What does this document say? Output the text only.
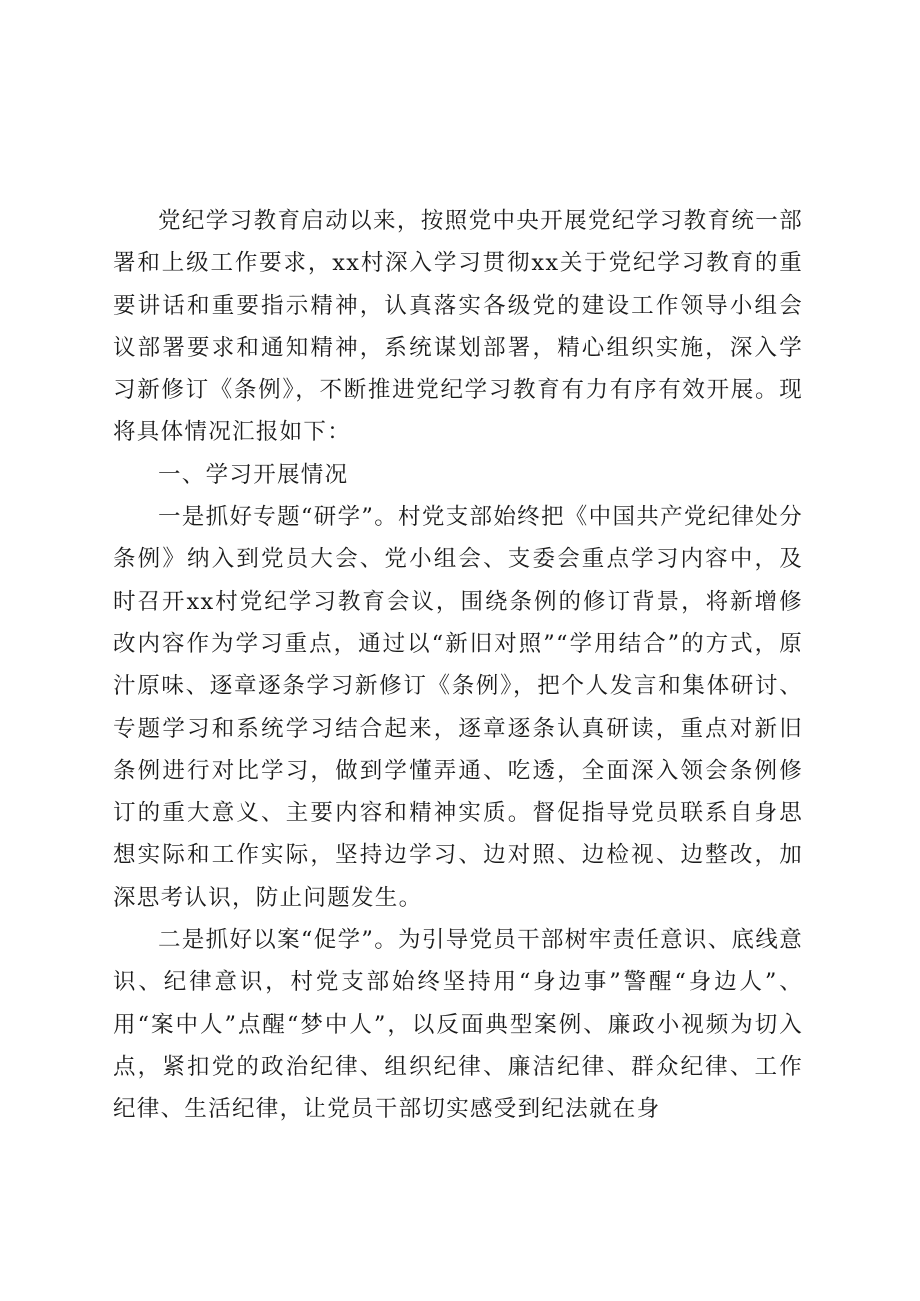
党纪学习教育启动以来，按照党中央开展党纪学习教育统一部署和上级工作要求，xx村深入学习贯彻xx关于党纪学习教育的重要讲话和重要指示精神，认真落实各级党的建设工作领导小组会议部署要求和通知精神，系统谋划部署，精心组织实施，深入学习新修订《条例》，不断推进党纪学习教育有力有序有效开展。现将具体情况汇报如下：

一、学习开展情况

一是抓好专题“研学”。村党支部始终把《中国共产党纪律处分条例》纳入到党员大会、党小组会、支委会重点学习内容中，及时召开xx村党纪学习教育会议，围绕条例的修订背景，将新增修改内容作为学习重点，通过以“新旧对照”“学用结合”的方式，原汁原味、逐章逐条学习新修订《条例》，把个人发言和集体研讨、专题学习和系统学习结合起来，逐章逐条认真研读，重点对新旧条例进行对比学习，做到学懂弄通、吃透，全面深入领会条例修订的重大意义、主要内容和精神实质。督促指导党员联系自身思想实际和工作实际，坚持边学习、边对照、边检视、边整改，加深思考认识，防止问题发生。

二是抓好以案“促学”。为引导党员干部树牢责任意识、底线意识、纪律意识，村党支部始终坚持用“身边事”警醒“身边人”、用“案中人”点醒“梦中人”，以反面典型案例、廉政小视频为切入点，紧扣党的政治纪律、组织纪律、廉洁纪律、群众纪律、工作纪律、生活纪律，让党员干部切实感受到纪法就在身
